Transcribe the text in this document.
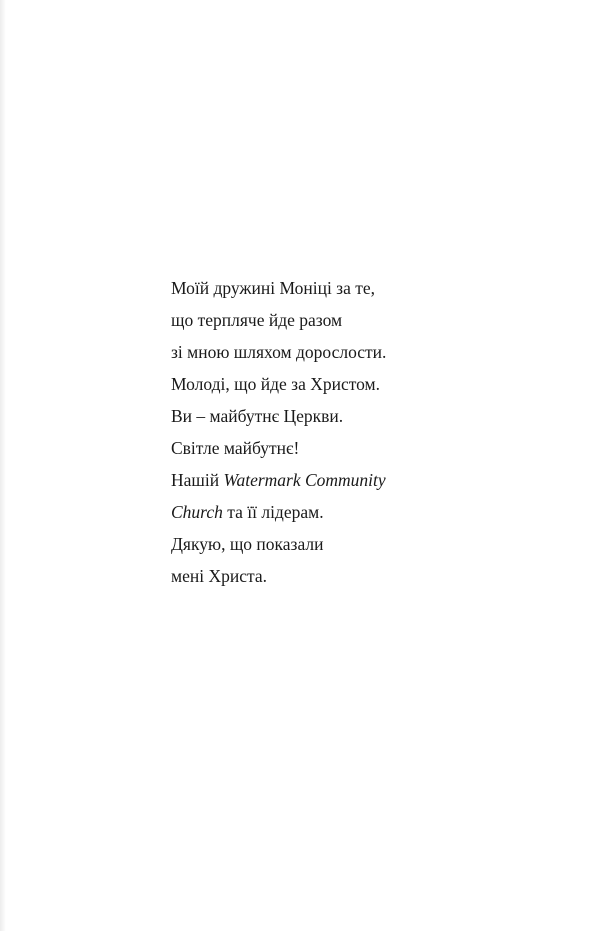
Моїй дружині Моніці за те,
що терпляче йде разом
зі мною шляхом дорослости.
Молоді, що йде за Христом.
Ви – майбутнє Церкви.
Світле майбутнє!
Нашій Watermark Community
Church та її лідерам.
Дякую, що показали
мені Христа.
